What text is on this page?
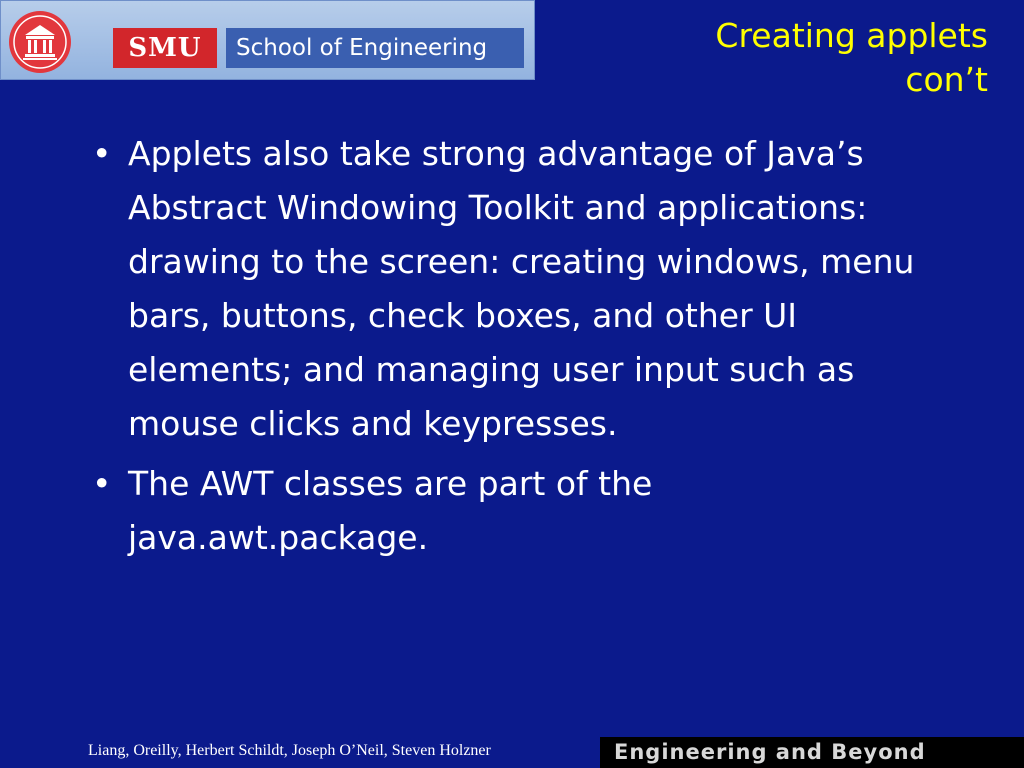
SMU	School of Engineering	Creating applets
con’t
• Applets also take strong advantage of Java’s Abstract Windowing Toolkit and applications: drawing to the screen: creating windows, menu bars, buttons, check boxes, and other UI elements; and managing user input such as mouse clicks and keypresses.
• The AWT classes are part of the java.awt.package.
Liang, Oreilly, Herbert Schildt, Joseph O’Neil, Steven Holzner	Engineering and Beyond
